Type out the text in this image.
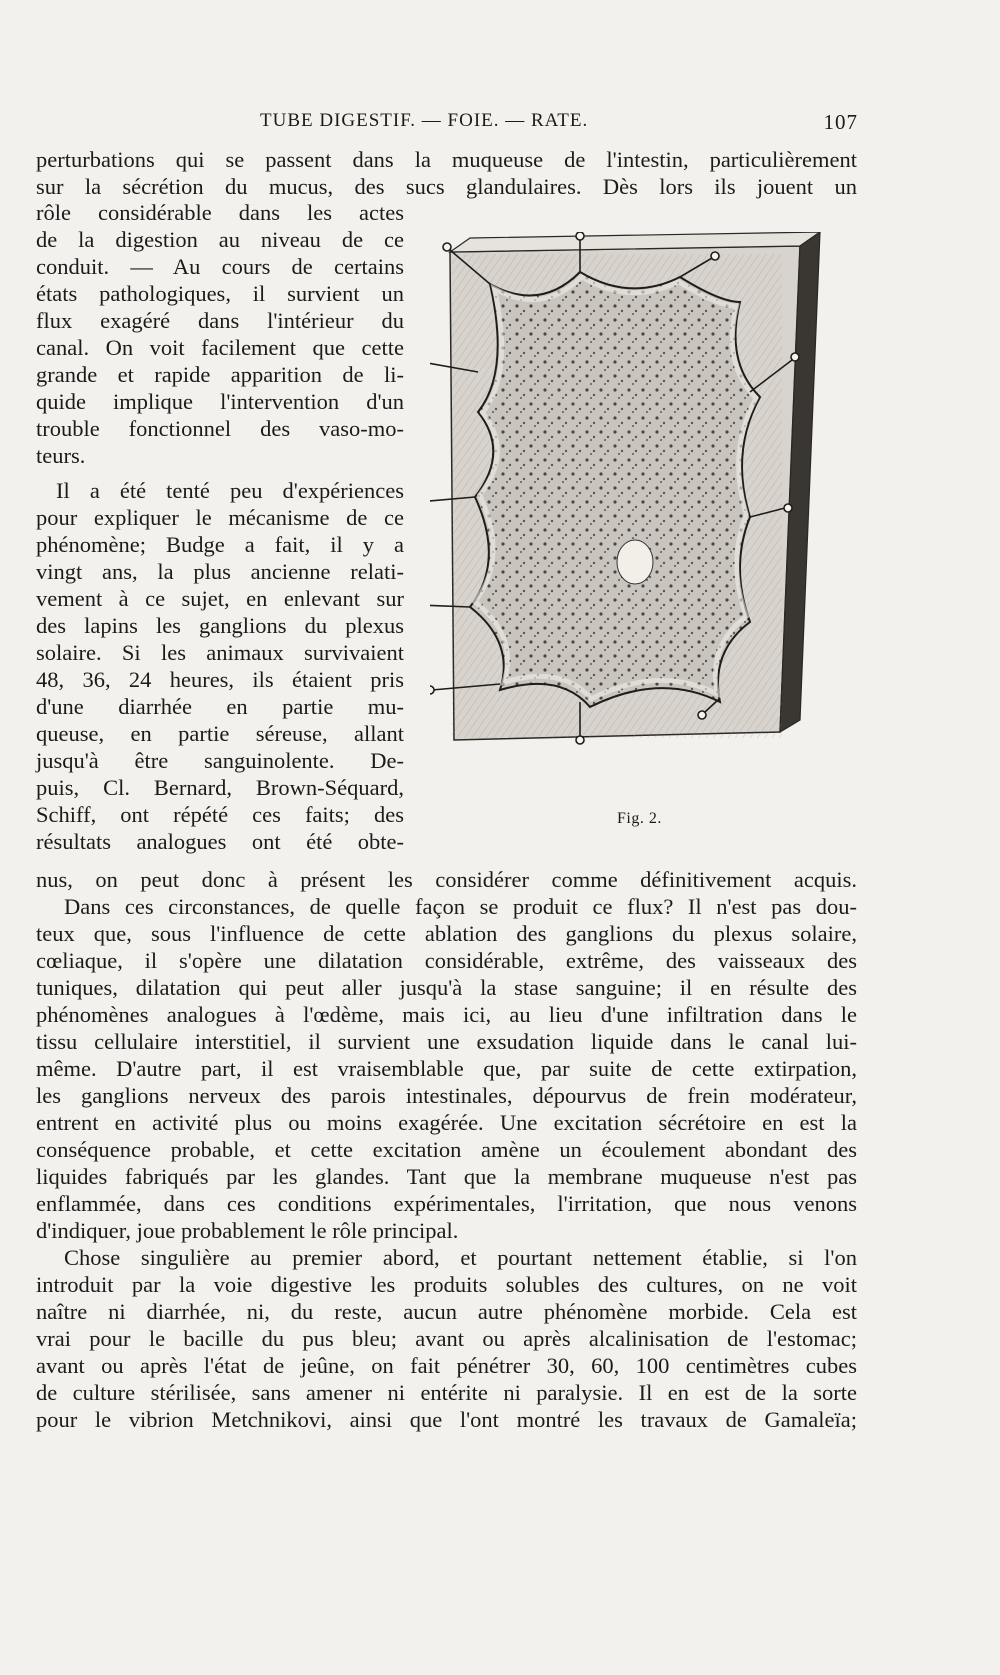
TUBE DIGESTIF. — FOIE. — RATE.	107
perturbations qui se passent dans la muqueuse de l'intestin, particulièrement
sur la sécrétion du mucus, des sucs glandulaires. Dès lors ils jouent un
rôle considérable dans les actes
de la digestion au niveau de ce
conduit. — Au cours de certains
états pathologiques, il survient un
flux exagéré dans l'intérieur du
canal. On voit facilement que cette
grande et rapide apparition de li-
quide implique l'intervention d'un
trouble fonctionnel des vaso-mo-
teurs.
Il a été tenté peu d'expériences
pour expliquer le mécanisme de ce
phénomène; Budge a fait, il y a
vingt ans, la plus ancienne relati-
vement à ce sujet, en enlevant sur
des lapins les ganglions du plexus
solaire. Si les animaux survivaient
48, 36, 24 heures, ils étaient pris
d'une diarrhée en partie mu-
queuse, en partie séreuse, allant
jusqu'à être sanguinolente. De-
puis, Cl. Bernard, Brown-Séquard,
Schiff, ont répété ces faits; des
résultats analogues ont été obte-
nus, on peut donc à présent les considérer comme définitivement acquis.
Dans ces circonstances, de quelle façon se produit ce flux? Il n'est pas dou-
teux que, sous l'influence de cette ablation des ganglions du plexus solaire,
cœliaque, il s'opère une dilatation considérable, extrême, des vaisseaux des
tuniques, dilatation qui peut aller jusqu'à la stase sanguine; il en résulte des
phénomènes analogues à l'œdème, mais ici, au lieu d'une infiltration dans le
tissu cellulaire interstitiel, il survient une exsudation liquide dans le canal lui-
même. D'autre part, il est vraisemblable que, par suite de cette extirpation,
les ganglions nerveux des parois intestinales, dépourvus de frein modérateur,
entrent en activité plus ou moins exagérée. Une excitation sécrétoire en est la
conséquence probable, et cette excitation amène un écoulement abondant des
liquides fabriqués par les glandes. Tant que la membrane muqueuse n'est pas
enflammée, dans ces conditions expérimentales, l'irritation, que nous venons
d'indiquer, joue probablement le rôle principal.
Chose singulière au premier abord, et pourtant nettement établie, si l'on
introduit par la voie digestive les produits solubles des cultures, on ne voit
naître ni diarrhée, ni, du reste, aucun autre phénomène morbide. Cela est
vrai pour le bacille du pus bleu; avant ou après alcalinisation de l'estomac;
avant ou après l'état de jeûne, on fait pénétrer 30, 60, 100 centimètres cubes
de culture stérilisée, sans amener ni entérite ni paralysie. Il en est de la sorte
pour le vibrion Metchnikovi, ainsi que l'ont montré les travaux de Gamaleïa;
Fig. 2.
